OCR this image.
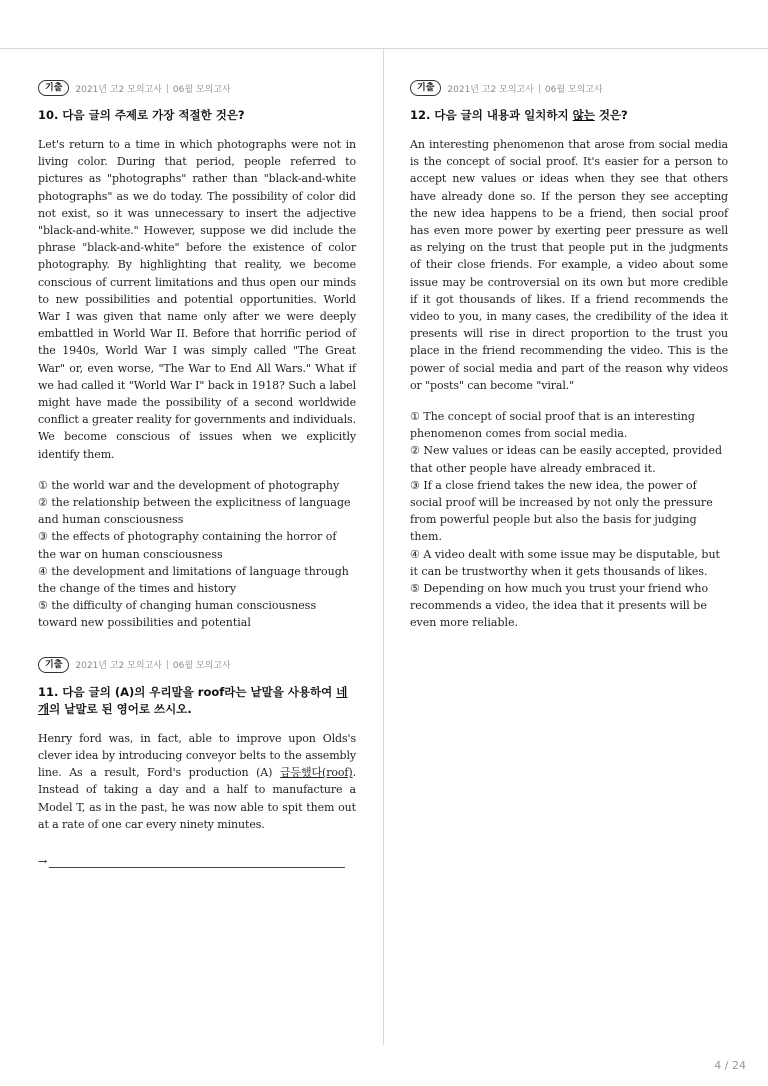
기출	2021년 고2 모의고사 06월 모의고사
10. 다음 글의 주제로 가장 적절한 것은?

Let's return to a time in which photographs were not in living color. During that period, people referred to pictures as "photographs" rather than "black-and-white photographs" as we do today. The possibility of color did not exist, so it was unnecessary to insert the adjective "black-and-white." However, suppose we did include the phrase "black-and-white" before the existence of color photography. By highlighting that reality, we become conscious of current limitations and thus open our minds to new possibilities and potential opportunities. World War I was given that name only after we were deeply embattled in World War II. Before that horrific period of the 1940s, World War I was simply called "The Great War" or, even worse, "The War to End All Wars." What if we had called it "World War I" back in 1918? Such a label might have made the possibility of a second worldwide conflict a greater reality for governments and individuals. We become conscious of issues when we explicitly identify them.

① the world war and the development of photography

② the relationship between the explicitness of language and human consciousness

③ the effects of photography containing the horror of the war on human consciousness

④ the development and limitations of language through the change of the times and history

⑤ the difficulty of changing human consciousness toward new possibilities and potential

기출	2021년 고2 모의고사 06월 모의고사
11. 다음 글의 (A)의 우리말을 roof라는 낱말을 사용하여 네 개의 낱말로 된 영어로 쓰시오.

Henry ford was, in fact, able to improve upon Olds's clever idea by introducing conveyor belts to the assembly line. As a result, Ford's production (A) 급등했다(roof). Instead of taking a day and a half to manufacture a Model T, as in the past, he was now able to spit them out at a rate of one car every ninety minutes.

→
기출	2021년 고2 모의고사 06월 모의고사
12. 다음 글의 내용과 일치하지 않는 것은?

An interesting phenomenon that arose from social media is the concept of social proof. It's easier for a person to accept new values or ideas when they see that others have already done so. If the person they see accepting the new idea happens to be a friend, then social proof has even more power by exerting peer pressure as well as relying on the trust that people put in the judgments of their close friends. For example, a video about some issue may be controversial on its own but more credible if it got thousands of likes. If a friend recommends the video to you, in many cases, the credibility of the idea it presents will rise in direct proportion to the trust you place in the friend recommending the video. This is the power of social media and part of the reason why videos or "posts" can become "viral."

① The concept of social proof that is an interesting phenomenon comes from social media.

② New values or ideas can be easily accepted, provided that other people have already embraced it.

③ If a close friend takes the new idea, the power of social proof will be increased by not only the pressure from powerful people but also the basis for judging them.

④ A video dealt with some issue may be disputable, but it can be trustworthy when it gets thousands of likes.

⑤ Depending on how much you trust your friend who recommends a video, the idea that it presents will be even more reliable.

4 / 24
